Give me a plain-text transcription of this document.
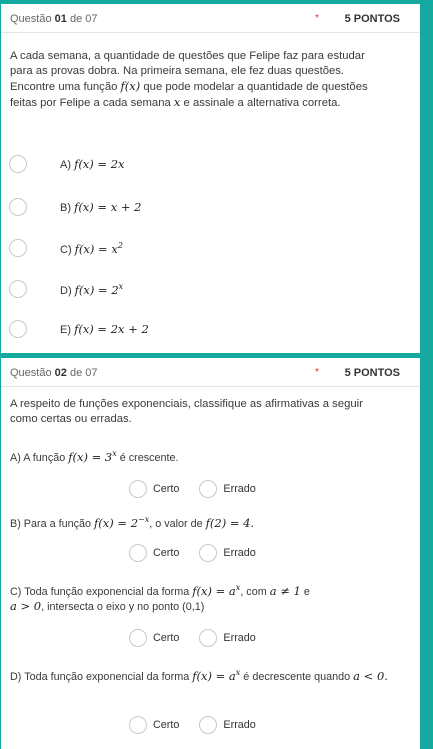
Questão 01 de 07	* 5 PONTOS
A cada semana, a quantidade de questões que Felipe faz para estudar para as provas dobra. Na primeira semana, ele fez duas questões. Encontre uma função f(x) que pode modelar a quantidade de questões feitas por Felipe a cada semana x e assinale a alternativa correta.
A) f(x) = 2x
B) f(x) = x + 2
C) $f(x) = x^2$
D) $f(x) = 2^x$
E) f(x) = 2x + 2
Questão 02 de 07	* 5 PONTOS
A respeito de funções exponenciais, classifique as afirmativas a seguir como certas ou erradas.
A) A função $f(x) = 3^x$ é crescente.
Certo	Errado
B) Para a função $f(x) = 2^{-x}$, o valor de f(2) = 4.
Certo	Errado
C) Toda função exponencial da forma $f(x) = a^x$, com a ≠ 1 e
a > 0, intersecta o eixo y no ponto (0,1)
Certo	Errado
D) Toda função exponencial da forma $f(x) = a^x$ é decrescente quando a < 0.
Certo	Errado
